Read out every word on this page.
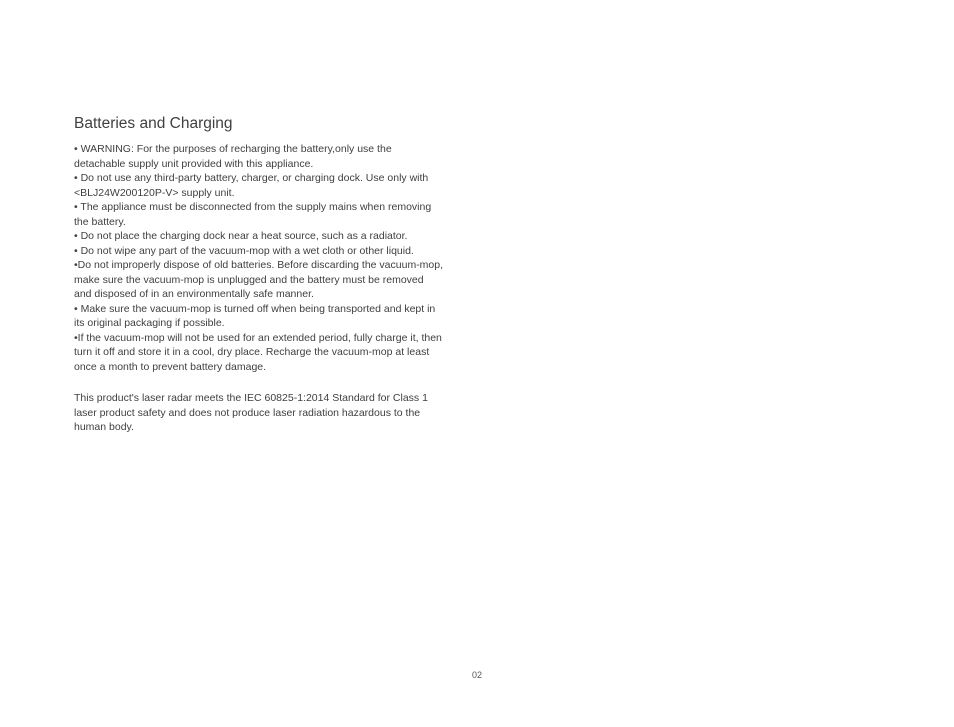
Batteries and Charging
• WARNING: For the purposes of recharging the battery,only use the detachable supply unit provided with this appliance.
• Do not use any third-party battery, charger, or charging dock. Use only with <BLJ24W200120P-V> supply unit.
• The appliance must be disconnected from the supply mains when removing the battery.
• Do not place the charging dock near a heat source, such as a radiator.
• Do not wipe any part of the vacuum-mop with a wet cloth or other liquid.
•Do not improperly dispose of old batteries. Before discarding the vacuum-mop, make sure the vacuum-mop is unplugged and the battery must be removed and disposed of in an environmentally safe manner.
• Make sure the vacuum-mop is turned off when being transported and kept in its original packaging if possible.
•If the vacuum-mop will not be used for an extended period, fully charge it, then turn it off and store it in a cool, dry place. Recharge the vacuum-mop at least once a month to prevent battery damage.

This product's laser radar meets the IEC 60825-1:2014 Standard for Class 1 laser product safety and does not produce laser radiation hazardous to the human body.

02
